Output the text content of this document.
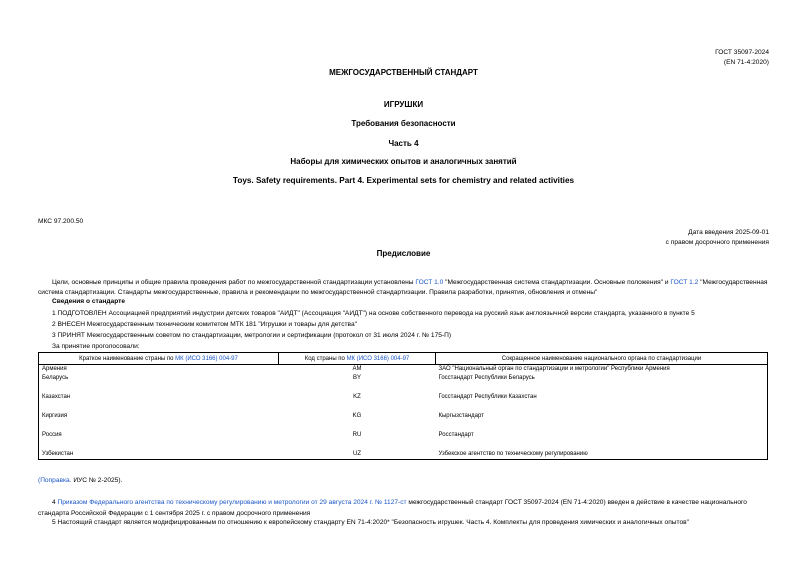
ГОСТ 35097-2024
(EN 71-4:2020)
МЕЖГОСУДАРСТВЕННЫЙ СТАНДАРТ
ИГРУШКИ
Требования безопасности
Часть 4
Наборы для химических опытов и аналогичных занятий
Toys. Safety requirements. Part 4. Experimental sets for chemistry and related activities
МКС 97.200.50
Дата введения 2025-09-01
с правом досрочного применения
Предисловие
Цели, основные принципы и общие правила проведения работ по межгосударственной стандартизации установлены ГОСТ 1.0 "Межгосударственная система стандартизации. Основные положения" и ГОСТ 1.2 "Межгосударственная система стандартизации. Стандарты межгосударственные, правила и рекомендации по межгосударственной стандартизации. Правила разработки, принятия, обновления и отмены"
Сведения о стандарте
1 ПОДГОТОВЛЕН Ассоциацией предприятий индустрии детских товаров "АИДТ" (Ассоциация "АИДТ") на основе собственного перевода на русский язык англоязычной версии стандарта, указанного в пункте 5
2 ВНЕСЕН Межгосударственным техническим комитетом МТК 181 "Игрушки и товары для детства"
3 ПРИНЯТ Межгосударственным советом по стандартизации, метрологии и сертификации (протокол от 31 июля 2024 г. № 175-П)
За принятие проголосовали:
Краткое наименование страны по МК (ИСО 3166) 004-97	Код страны по МК (ИСО 3166) 004-97	Сокращенное наименование национального органа по стандартизации
Армения	AM	ЗАО "Национальный орган по стандартизации и метрологии" Республики Армения
Беларусь	BY	Госстандарт Республики Беларусь
Казахстан	KZ	Госстандарт Республики Казахстан
Киргизия	KG	Кыргызстандарт
Россия	RU	Росстандарт
Узбекистан	UZ	Узбекское агентство по техническому регулированию
(Поправка. ИУС № 2-2025).
4 Приказом Федерального агентства по техническому регулированию и метрологии от 29 августа 2024 г. № 1127-ст межгосударственный стандарт ГОСТ 35097-2024 (EN 71-4:2020) введен в действие в качестве национального стандарта Российской Федерации с 1 сентября 2025 г. с правом досрочного применения
5 Настоящий стандарт является модифицированным по отношению к европейскому стандарту EN 71-4:2020* "Безопасность игрушек. Часть 4. Комплекты для проведения химических и аналогичных опытов"
